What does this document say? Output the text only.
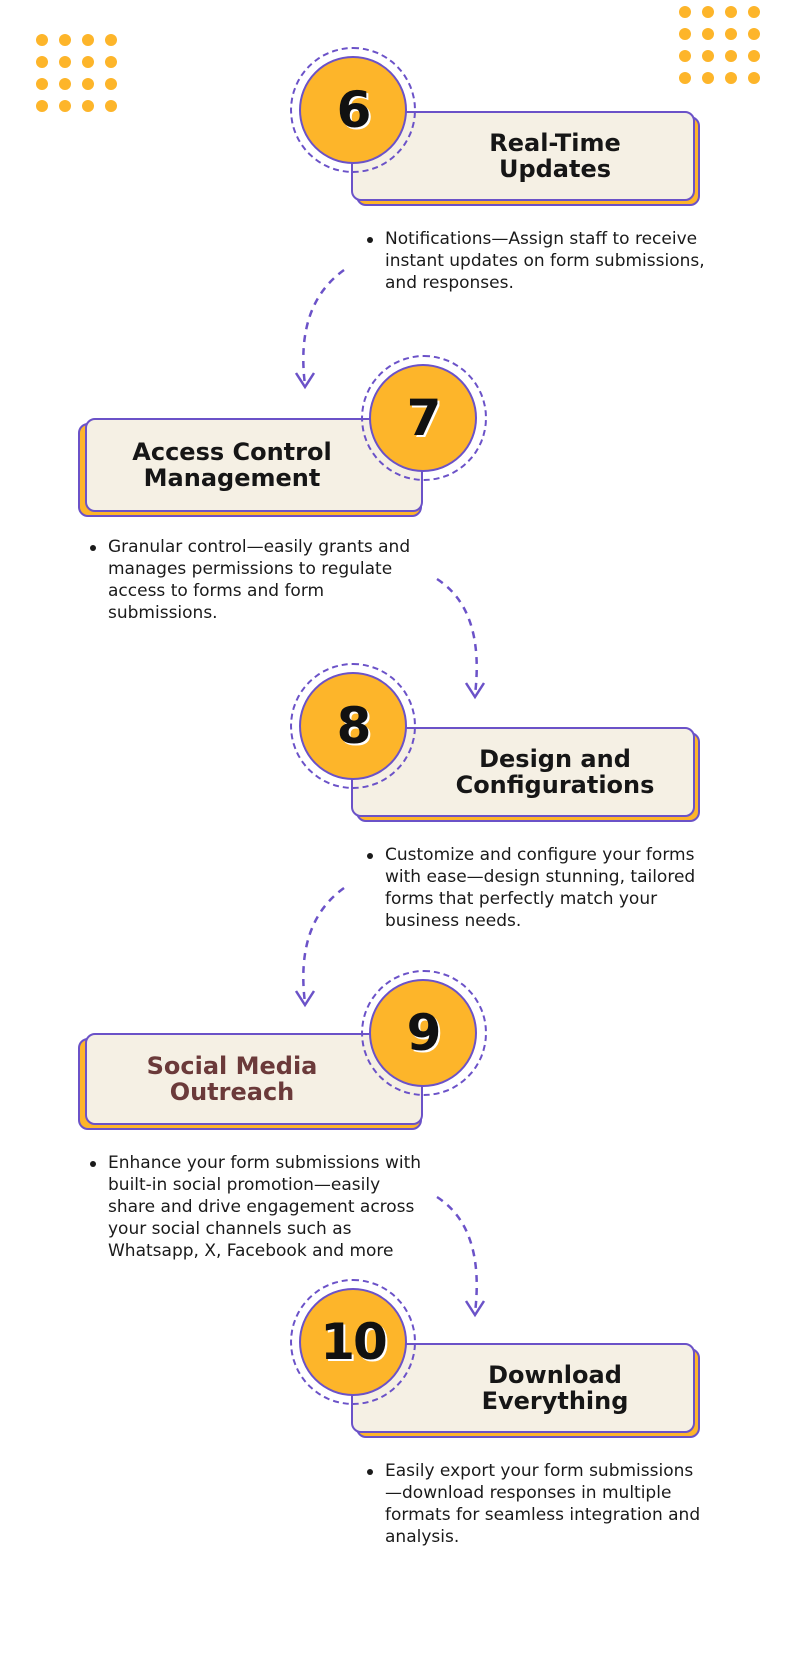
Real-Time
Updates
6
Notifications—Assign staff to receive instant updates on form submissions, and responses.
Access Control
Management
7
Granular control—easily grants and manages permissions to regulate access to forms and form submissions.
Design and
Configurations
8
Customize and configure your forms with ease—design stunning, tailored forms that perfectly match your business needs.
Social Media
Outreach
9
Enhance your form submissions with built-in social promotion—easily share and drive engagement across your social channels such as Whatsapp, X, Facebook and more
Download
Everything
10
Easily export your form submissions —download responses in multiple formats for seamless integration and analysis.
